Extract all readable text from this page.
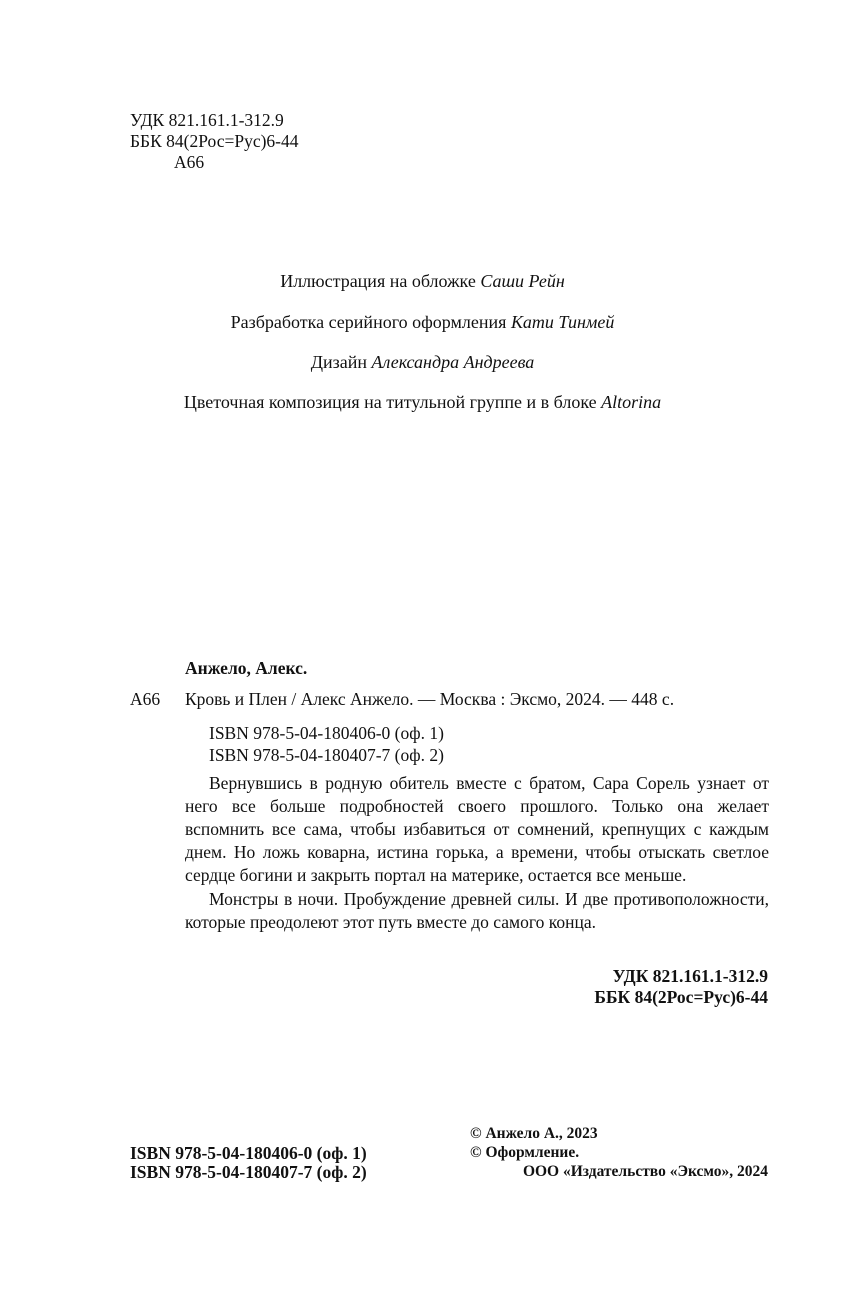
УДК 821.161.1-312.9
ББК 84(2Рос=Рус)6-44
А66
Иллюстрация на обложке Саши Рейн
Разбработка серийного оформления Кати Тинмей
Дизайн Александра Андреева
Цветочная композиция на титульной группе и в блоке Altorina
Анжело, Алекс.
А66 Кровь и Плен / Алекс Анжело. — Москва : Эксмо, 2024. — 448 с.
ISBN 978-5-04-180406-0 (оф. 1)
ISBN 978-5-04-180407-7 (оф. 2)

Вернувшись в родную обитель вместе с братом, Сара Сорель узнает от него все больше подробностей своего прошлого. Только она желает вспомнить все сама, чтобы избавиться от сомнений, крепнущих с каждым днем. Но ложь коварна, истина горька, а времени, чтобы отыскать светлое сердце богини и закрыть портал на материке, остается все меньше.

Монстры в ночи. Пробуждение древней силы. И две противоположности, которые преодолеют этот путь вместе до самого конца.

УДК 821.161.1-312.9
ББК 84(2Рос=Рус)6-44
ISBN 978-5-04-180406-0 (оф. 1)
ISBN 978-5-04-180407-7 (оф. 2)
© Анжело А., 2023
© Оформление.
ООО «Издательство «Эксмо», 2024
